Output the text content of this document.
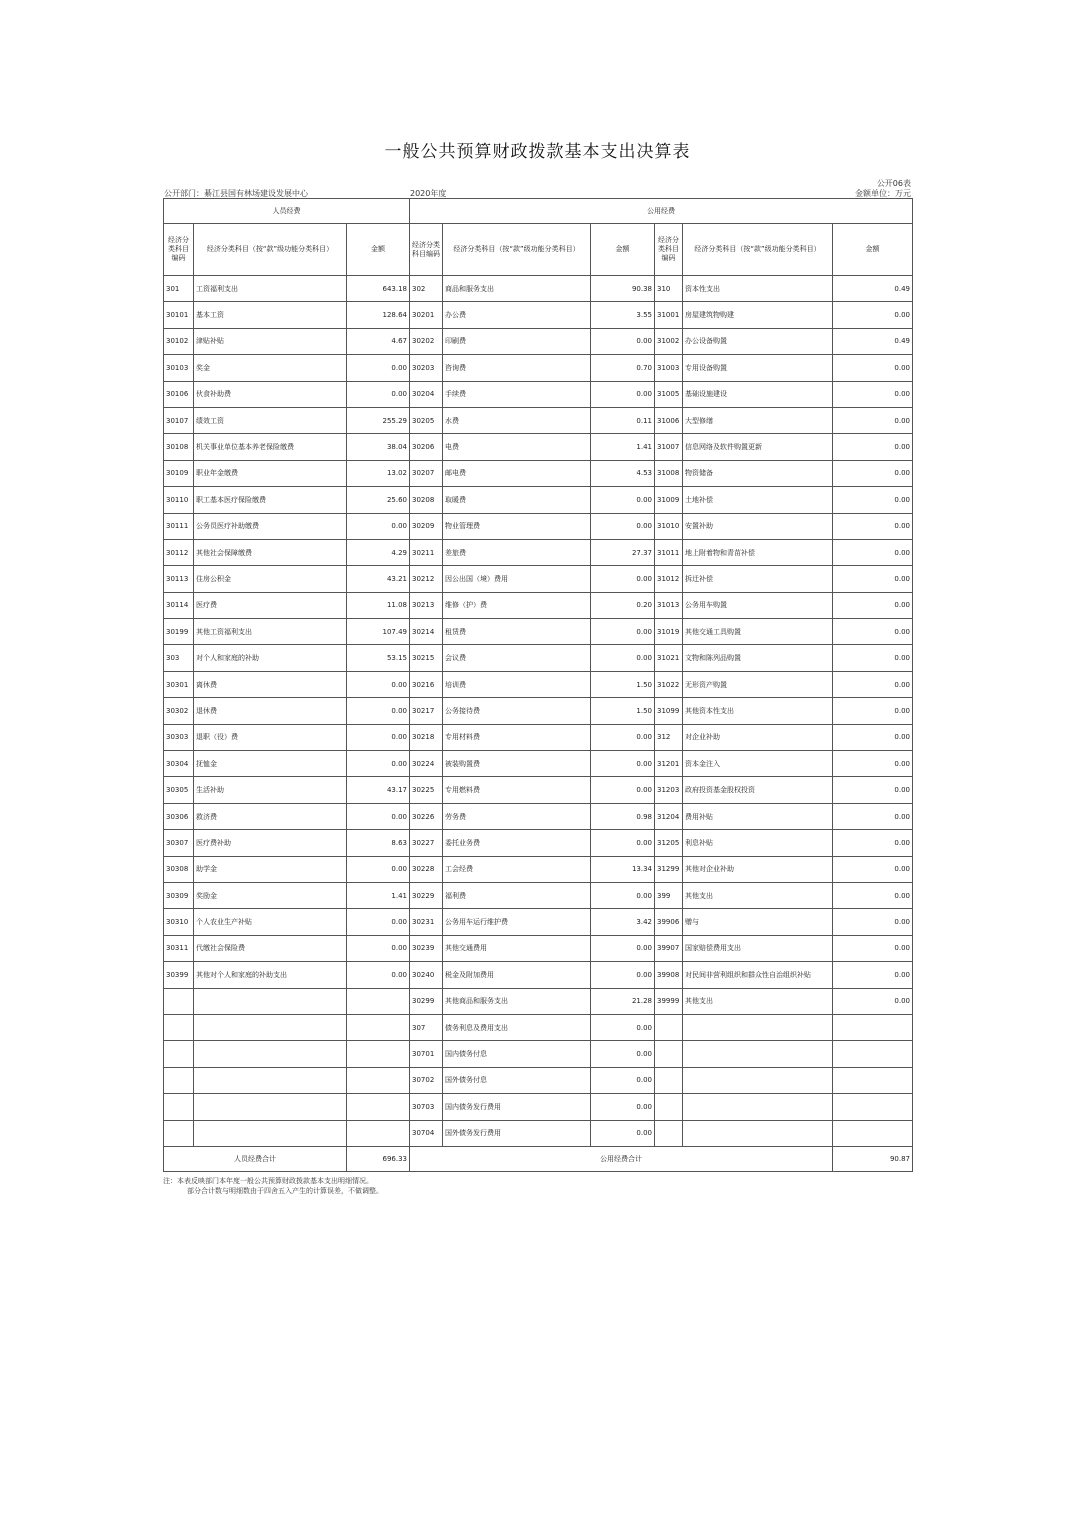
一般公共预算财政拨款基本支出决算表
公开06表
公开部门：綦江县国有林场建设发展中心	2020年度	金额单位：万元
人员经费			公用经费					
经济分类科目编码	经济分类科目（按“款”级功能分类科目）	金额	经济分类科目编码	经济分类科目（按“款”级功能分类科目）	金额	经济分类科目编码	经济分类科目（按“款”级功能分类科目）	金额
301	工资福利支出	643.18	302	商品和服务支出	90.38	310	资本性支出	0.49
30101	基本工资	128.64	30201	办公费	3.55	31001	房屋建筑物购建	0.00
30102	津贴补贴	4.67	30202	印刷费	0.00	31002	办公设备购置	0.49
30103	奖金	0.00	30203	咨询费	0.70	31003	专用设备购置	0.00
30106	伙食补助费	0.00	30204	手续费	0.00	31005	基础设施建设	0.00
30107	绩效工资	255.29	30205	水费	0.11	31006	大型修缮	0.00
30108	机关事业单位基本养老保险缴费	38.04	30206	电费	1.41	31007	信息网络及软件购置更新	0.00
30109	职业年金缴费	13.02	30207	邮电费	4.53	31008	物资储备	0.00
30110	职工基本医疗保险缴费	25.60	30208	取暖费	0.00	31009	土地补偿	0.00
30111	公务员医疗补助缴费	0.00	30209	物业管理费	0.00	31010	安置补助	0.00
30112	其他社会保障缴费	4.29	30211	差旅费	27.37	31011	地上附着物和青苗补偿	0.00
30113	住房公积金	43.21	30212	因公出国（境）费用	0.00	31012	拆迁补偿	0.00
30114	医疗费	11.08	30213	维修（护）费	0.20	31013	公务用车购置	0.00
30199	其他工资福利支出	107.49	30214	租赁费	0.00	31019	其他交通工具购置	0.00
303	对个人和家庭的补助	53.15	30215	会议费	0.00	31021	文物和陈列品购置	0.00
30301	离休费	0.00	30216	培训费	1.50	31022	无形资产购置	0.00
30302	退休费	0.00	30217	公务接待费	1.50	31099	其他资本性支出	0.00
30303	退职（役）费	0.00	30218	专用材料费	0.00	312	对企业补助	0.00
30304	抚恤金	0.00	30224	被装购置费	0.00	31201	资本金注入	0.00
30305	生活补助	43.17	30225	专用燃料费	0.00	31203	政府投资基金股权投资	0.00
30306	救济费	0.00	30226	劳务费	0.98	31204	费用补贴	0.00
30307	医疗费补助	8.63	30227	委托业务费	0.00	31205	利息补贴	0.00
30308	助学金	0.00	30228	工会经费	13.34	31299	其他对企业补助	0.00
30309	奖励金	1.41	30229	福利费	0.00	399	其他支出	0.00
30310	个人农业生产补贴	0.00	30231	公务用车运行维护费	3.42	39906	赠与	0.00
30311	代缴社会保险费	0.00	30239	其他交通费用	0.00	39907	国家赔偿费用支出	0.00
30399	其他对个人和家庭的补助支出	0.00	30240	税金及附加费用	0.00	39908	对民间非营利组织和群众性自治组织补贴	0.00
			30299	其他商品和服务支出	21.28	39999	其他支出	0.00
			307	债务利息及费用支出	0.00			
			30701	国内债务付息	0.00			
			30702	国外债务付息	0.00			
			30703	国内债务发行费用	0.00			
			30704	国外债务发行费用	0.00			
人员经费合计		696.33	公用经费合计					90.87
注：本表反映部门本年度一般公共预算财政拨款基本支出明细情况。
部分合计数与明细数由于四舍五入产生的计算误差，不做调整。
